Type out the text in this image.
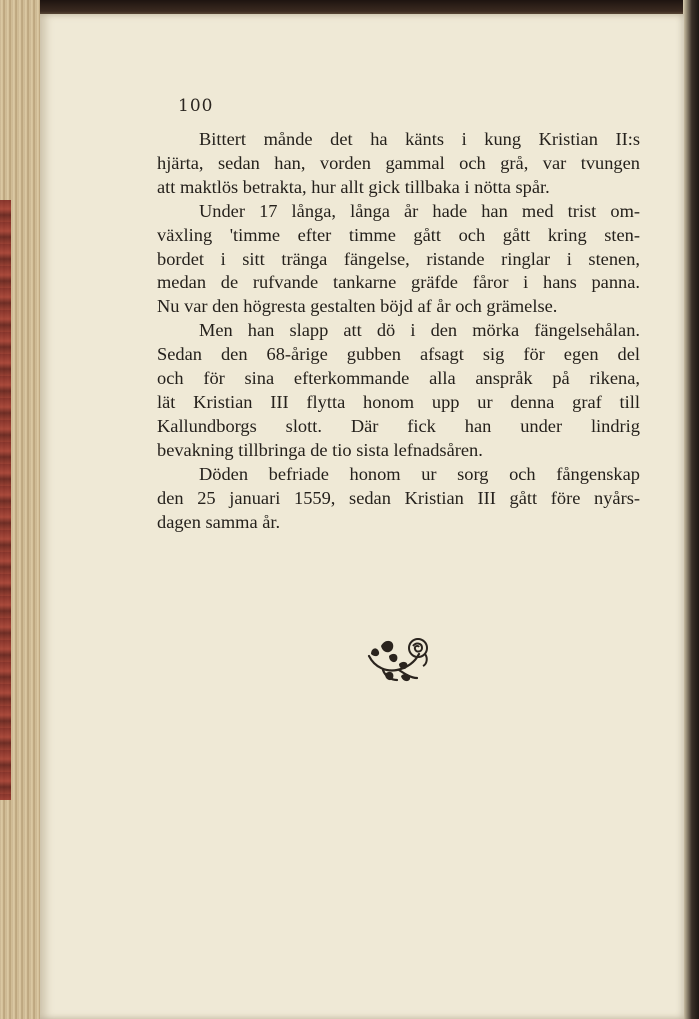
100

Bittert månde det ha känts i kung Kristian II:s
hjärta, sedan han, vorden gammal och grå, var tvungen
att maktlös betrakta, hur allt gick tillbaka i nötta spår.

Under 17 långa, långa år hade han med trist om-
växling 'timme efter timme gått och gått kring sten-
bordet i sitt tränga fängelse, ristande ringlar i stenen,
medan de rufvande tankarne gräfde fåror i hans panna.
Nu var den högresta gestalten böjd af år och grämelse.

Men han slapp att dö i den mörka fängelsehålan.
Sedan den 68-årige gubben afsagt sig för egen del
och för sina efterkommande alla anspråk på rikena,
lät Kristian III flytta honom upp ur denna graf till
Kallundborgs slott. Där fick han under lindrig
bevakning tillbringa de tio sista lefnadsåren.

Döden befriade honom ur sorg och fångenskap
den 25 januari 1559, sedan Kristian III gått före nyårs-
dagen samma år.
